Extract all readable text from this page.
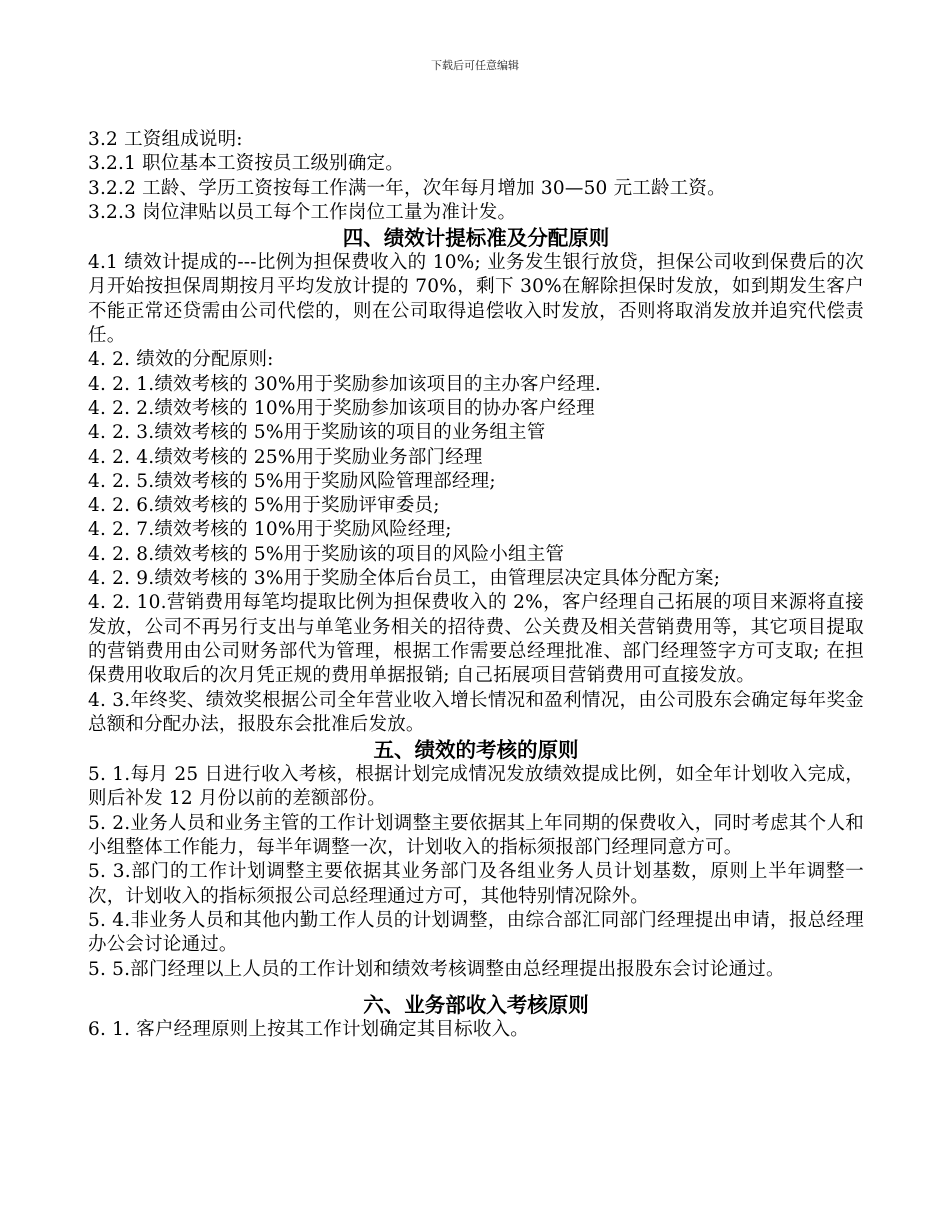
下载后可任意编辑

3.2 工资组成说明:

3.2.1 职位基本工资按员工级别确定。

3.2.2 工龄、学历工资按每工作满一年，次年每月增加 30—50 元工龄工资。

3.2.3 岗位津贴以员工每个工作岗位工量为准计发。

四、绩效计提标准及分配原则

4.1 绩效计提成的---比例为担保费收入的 10%; 业务发生银行放贷，担保公司收到保费后的次月开始按担保周期按月平均发放计提的 70%，剩下 30%在解除担保时发放，如到期发生客户不能正常还贷需由公司代偿的，则在公司取得追偿收入时发放，否则将取消发放并追究代偿责任。

4. 2. 绩效的分配原则:

4. 2. 1.绩效考核的 30%用于奖励参加该项目的主办客户经理.

4. 2. 2.绩效考核的 10%用于奖励参加该项目的协办客户经理

4. 2. 3.绩效考核的 5%用于奖励该的项目的业务组主管

4. 2. 4.绩效考核的 25%用于奖励业务部门经理

4. 2. 5.绩效考核的 5%用于奖励风险管理部经理;

4. 2. 6.绩效考核的 5%用于奖励评审委员;

4. 2. 7.绩效考核的 10%用于奖励风险经理;

4. 2. 8.绩效考核的 5%用于奖励该的项目的风险小组主管

4. 2. 9.绩效考核的 3%用于奖励全体后台员工，由管理层决定具体分配方案;

4. 2. 10.营销费用每笔均提取比例为担保费收入的 2%，客户经理自己拓展的项目来源将直接发放，公司不再另行支出与单笔业务相关的招待费、公关费及相关营销费用等，其它项目提取的营销费用由公司财务部代为管理，根据工作需要总经理批准、部门经理签字方可支取; 在担保费用收取后的次月凭正规的费用单据报销; 自己拓展项目营销费用可直接发放。

4. 3.年终奖、绩效奖根据公司全年营业收入增长情况和盈利情况，由公司股东会确定每年奖金总额和分配办法，报股东会批准后发放。

五、绩效的考核的原则

5. 1.每月 25 日进行收入考核，根据计划完成情况发放绩效提成比例，如全年计划收入完成，则后补发 12 月份以前的差额部份。

5. 2.业务人员和业务主管的工作计划调整主要依据其上年同期的保费收入，同时考虑其个人和小组整体工作能力，每半年调整一次，计划收入的指标须报部门经理同意方可。

5. 3.部门的工作计划调整主要依据其业务部门及各组业务人员计划基数，原则上半年调整一次，计划收入的指标须报公司总经理通过方可，其他特别情况除外。

5. 4.非业务人员和其他内勤工作人员的计划调整，由综合部汇同部门经理提出申请，报总经理办公会讨论通过。

5. 5.部门经理以上人员的工作计划和绩效考核调整由总经理提出报股东会讨论通过。

六、业务部收入考核原则

6. 1. 客户经理原则上按其工作计划确定其目标收入。
